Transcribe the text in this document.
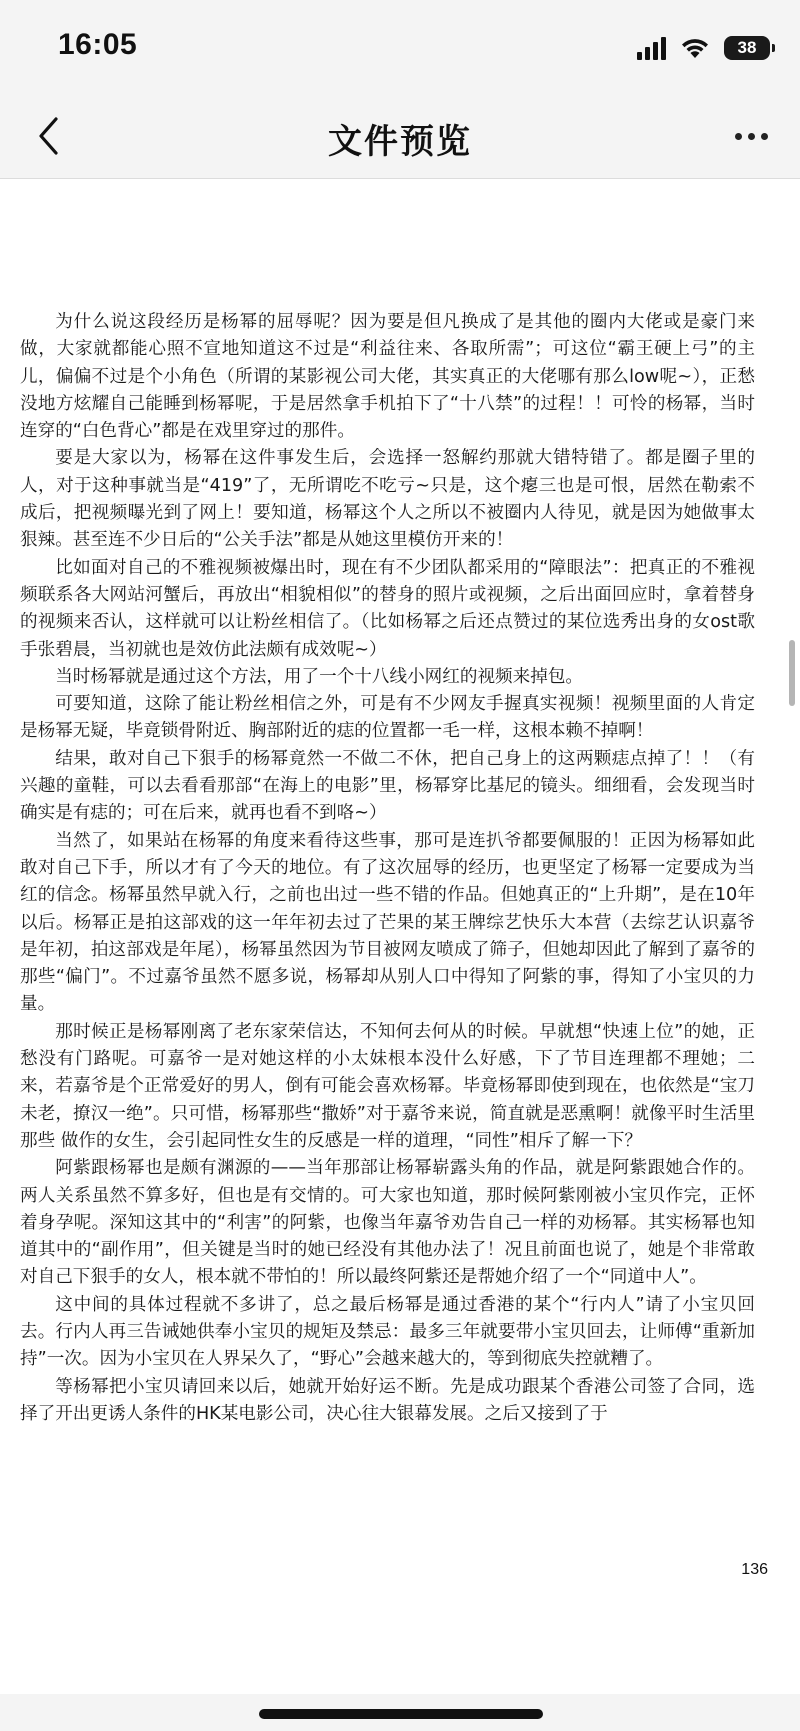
16:05	38
文件预览

为什么说这段经历是杨幂的屈辱呢？因为要是但凡换成了是其他的圈内大佬或是豪门来做，大家就都能心照不宣地知道这不过是“利益往来、各取所需”；可这位“霸王硬上弓”的主儿，偏偏不过是个小角色（所谓的某影视公司大佬，其实真正的大佬哪有那么low呢~），正愁没地方炫耀自己能睡到杨幂呢，于是居然拿手机拍下了“十八禁”的过程！！可怜的杨幂，当时连穿的“白色背心”都是在戏里穿过的那件。

要是大家以为，杨幂在这件事发生后，会选择一怒解约那就大错特错了。都是圈子里的人，对于这种事就当是“419”了，无所谓吃不吃亏~只是，这个瘪三也是可恨，居然在勒索不成后，把视频曝光到了网上！要知道，杨幂这个人之所以不被圈内人待见，就是因为她做事太狠辣。甚至连不少日后的“公关手法”都是从她这里模仿开来的！

比如面对自己的不雅视频被爆出时，现在有不少团队都采用的“障眼法”：把真正的不雅视频联系各大网站河蟹后，再放出“相貌相似”的替身的照片或视频，之后出面回应时，拿着替身的视频来否认，这样就可以让粉丝相信了。（比如杨幂之后还点赞过的某位选秀出身的女ost歌手张碧晨，当初就也是效仿此法颇有成效呢~）

当时杨幂就是通过这个方法，用了一个十八线小网红的视频来掉包。

可要知道，这除了能让粉丝相信之外，可是有不少网友手握真实视频！视频里面的人肯定是杨幂无疑，毕竟锁骨附近、胸部附近的痣的位置都一毛一样，这根本赖不掉啊！

结果，敢对自己下狠手的杨幂竟然一不做二不休，把自己身上的这两颗痣点掉了！！（有兴趣的童鞋，可以去看看那部“在海上的电影”里，杨幂穿比基尼的镜头。细细看，会发现当时确实是有痣的；可在后来，就再也看不到咯~）

当然了，如果站在杨幂的角度来看待这些事，那可是连扒爷都要佩服的！正因为杨幂如此敢对自己下手，所以才有了今天的地位。有了这次屈辱的经历，也更坚定了杨幂一定要成为当红的信念。杨幂虽然早就入行，之前也出过一些不错的作品。但她真正的“上升期”，是在10年以后。杨幂正是拍这部戏的这一年年初去过了芒果的某王牌综艺快乐大本营（去综艺认识嘉爷是年初，拍这部戏是年尾），杨幂虽然因为节目被网友喷成了筛子，但她却因此了解到了嘉爷的那些“偏门”。不过嘉爷虽然不愿多说，杨幂却从别人口中得知了阿紫的事，得知了小宝贝的力量。

那时候正是杨幂刚离了老东家荣信达，不知何去何从的时候。早就想“快速上位”的她，正愁没有门路呢。可嘉爷一是对她这样的小太妹根本没什么好感，下了节目连理都不理她；二来，若嘉爷是个正常爱好的男人，倒有可能会喜欢杨幂。毕竟杨幂即使到现在，也依然是“宝刀未老，撩汉一绝”。只可惜，杨幂那些“撒娇”对于嘉爷来说，简直就是恶熏啊！就像平时生活里那些 做作的女生，会引起同性女生的反感是一样的道理，“同性”相斥了解一下？

阿紫跟杨幂也是颇有渊源的——当年那部让杨幂崭露头角的作品，就是阿紫跟她合作的。两人关系虽然不算多好，但也是有交情的。可大家也知道，那时候阿紫刚被小宝贝作完，正怀着身孕呢。深知这其中的“利害”的阿紫，也像当年嘉爷劝告自己一样的劝杨幂。其实杨幂也知道其中的“副作用”，但关键是当时的她已经没有其他办法了！况且前面也说了，她是个非常敢对自己下狠手的女人，根本就不带怕的！所以最终阿紫还是帮她介绍了一个“同道中人”。

这中间的具体过程就不多讲了，总之最后杨幂是通过香港的某个“行内人”请了小宝贝回去。行内人再三告诫她供奉小宝贝的规矩及禁忌：最多三年就要带小宝贝回去，让师傅“重新加持”一次。因为小宝贝在人界呆久了，“野心”会越来越大的，等到彻底失控就糟了。

等杨幂把小宝贝请回来以后，她就开始好运不断。先是成功跟某个香港公司签了合同，选择了开出更诱人条件的HK某电影公司，决心往大银幕发展。之后又接到了于

136
